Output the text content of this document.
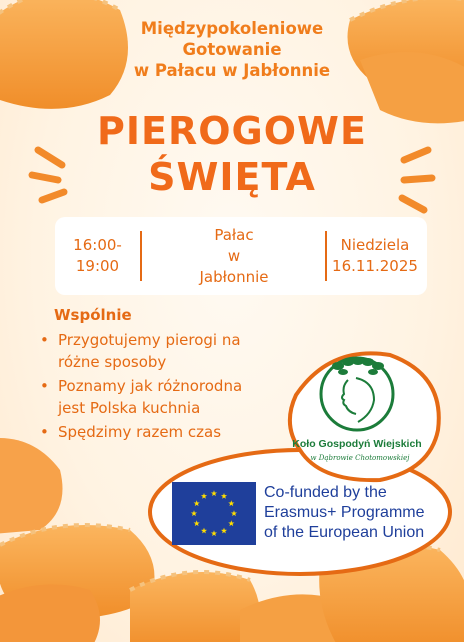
Międzypokoleniowe
Gotowanie
w Pałacu w Jabłonnie
PIEROGOWE
ŚWIĘTA
16:00-
19:00
Pałac
w
Jabłonnie
Niedziela
16.11.2025

Wspólnie

• Przygotujemy pierogi na
różne sposoby
• Poznamy jak różnorodna
jest Polska kuchnia
• Spędzimy razem czas
Koło Gospodyń Wiejskich
w Dąbrowie Chotomowskiej
Co-funded by the
Erasmus+ Programme
of the European Union
